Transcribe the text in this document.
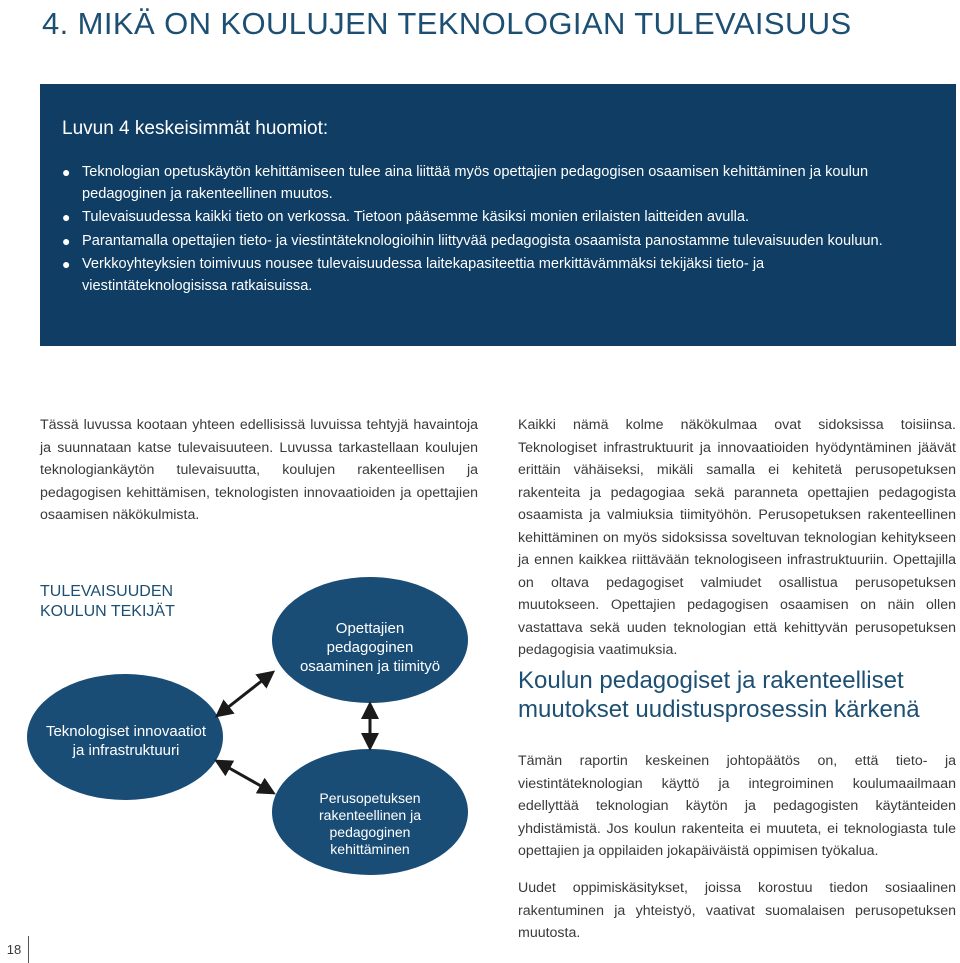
4. MIKÄ ON KOULUJEN TEKNOLOGIAN TULEVAISUUS
Luvun 4 keskeisimmät huomiot:
● Teknologian opetuskäytön kehittämiseen tulee aina liittää myös opettajien pedagogisen osaamisen kehittäminen ja koulun pedagoginen ja rakenteellinen muutos.
● Tulevaisuudessa kaikki tieto on verkossa. Tietoon pääsemme käsiksi monien erilaisten laitteiden avulla.
● Parantamalla opettajien tieto- ja viestintäteknologioihin liittyvää pedagogista osaamista panostamme tulevaisuuden kouluun.
● Verkkoyhteyksien toimivuus nousee tulevaisuudessa laitekapasiteettia merkittävämmäksi tekijäksi tieto- ja viestintäteknologisissa ratkaisuissa.

Tässä luvussa kootaan yhteen edellisissä luvuissa tehtyjä havaintoja ja suunnataan katse tulevaisuuteen. Luvussa tarkastellaan koulujen teknologiankäytön tulevaisuutta, koulujen rakenteellisen ja pedagogisen kehittämisen, teknologisten innovaatioiden ja opettajien osaamisen näkökulmista.

TULEVAISUUDEN
KOULUN TEKIJÄT
Teknologiset innovaatiot ja infrastruktuuri
Opettajien pedagoginen osaaminen ja tiimityö
Perusopetuksen rakenteellinen ja pedagoginen kehittäminen

Kaikki nämä kolme näkökulmaa ovat sidoksissa toisiinsa. Teknologiset infrastruktuurit ja innovaatioiden hyödyntäminen jäävät erittäin vähäiseksi, mikäli samalla ei kehitetä perusopetuksen rakenteita ja pedagogiaa sekä paranneta opettajien pedagogista osaamista ja valmiuksia tiimityöhön. Perusopetuksen rakenteellinen kehittäminen on myös sidoksissa soveltuvan teknologian kehitykseen ja ennen kaikkea riittävään teknologiseen infrastruktuuriin. Opettajilla on oltava pedagogiset valmiudet osallistua perusopetuksen muutokseen. Opettajien pedagogisen osaamisen on näin ollen vastattava sekä uuden teknologian että kehittyvän perusopetuksen pedagogisia vaatimuksia.

Koulun pedagogiset ja rakenteelliset muutokset uudistusprosessin kärkenä

Tämän raportin keskeinen johtopäätös on, että tieto- ja viestintäteknologian käyttö ja integroiminen koulumaailmaan edellyttää teknologian käytön ja pedagogisten käytänteiden yhdistämistä. Jos koulun rakenteita ei muuteta, ei teknologiasta tule opettajien ja oppilaiden jokapäiväistä oppimisen työkalua.

Uudet oppimiskäsitykset, joissa korostuu tiedon sosiaalinen rakentuminen ja yhteistyö, vaativat suomalaisen perusopetuksen muutosta.

18
